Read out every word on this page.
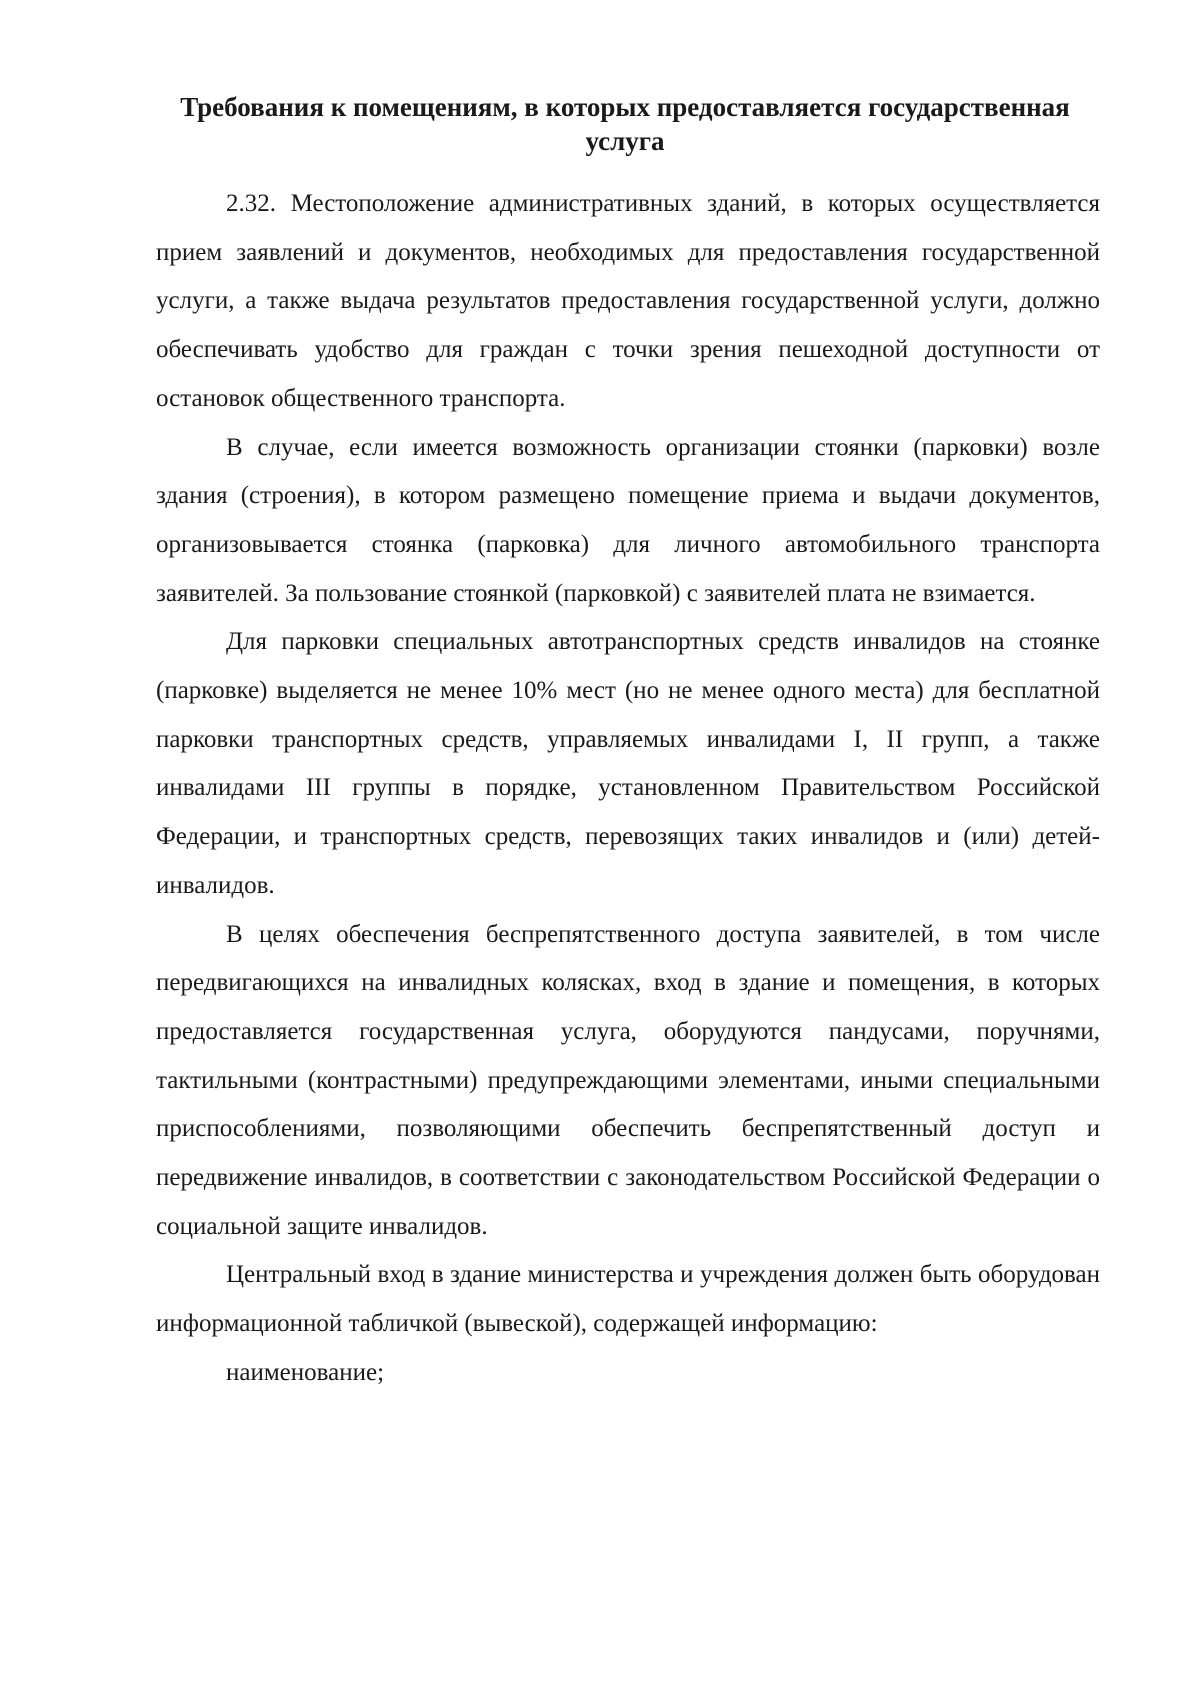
Требования к помещениям, в которых предоставляется государственная услуга

2.32. Местоположение административных зданий, в которых осуществляется прием заявлений и документов, необходимых для предоставления государственной услуги, а также выдача результатов предоставления государственной услуги, должно обеспечивать удобство для граждан с точки зрения пешеходной доступности от остановок общественного транспорта.

В случае, если имеется возможность организации стоянки (парковки) возле здания (строения), в котором размещено помещение приема и выдачи документов, организовывается стоянка (парковка) для личного автомобильного транспорта заявителей. За пользование стоянкой (парковкой) с заявителей плата не взимается.

Для парковки специальных автотранспортных средств инвалидов на стоянке (парковке) выделяется не менее 10% мест (но не менее одного места) для бесплатной парковки транспортных средств, управляемых инвалидами I, II групп, а также инвалидами III группы в порядке, установленном Правительством Российской Федерации, и транспортных средств, перевозящих таких инвалидов и (или) детей-инвалидов.

В целях обеспечения беспрепятственного доступа заявителей, в том числе передвигающихся на инвалидных колясках, вход в здание и помещения, в которых предоставляется государственная услуга, оборудуются пандусами, поручнями, тактильными (контрастными) предупреждающими элементами, иными специальными приспособлениями, позволяющими обеспечить беспрепятственный доступ и передвижение инвалидов, в соответствии с законодательством Российской Федерации о социальной защите инвалидов.

Центральный вход в здание министерства и учреждения должен быть оборудован информационной табличкой (вывеской), содержащей информацию:

наименование;
